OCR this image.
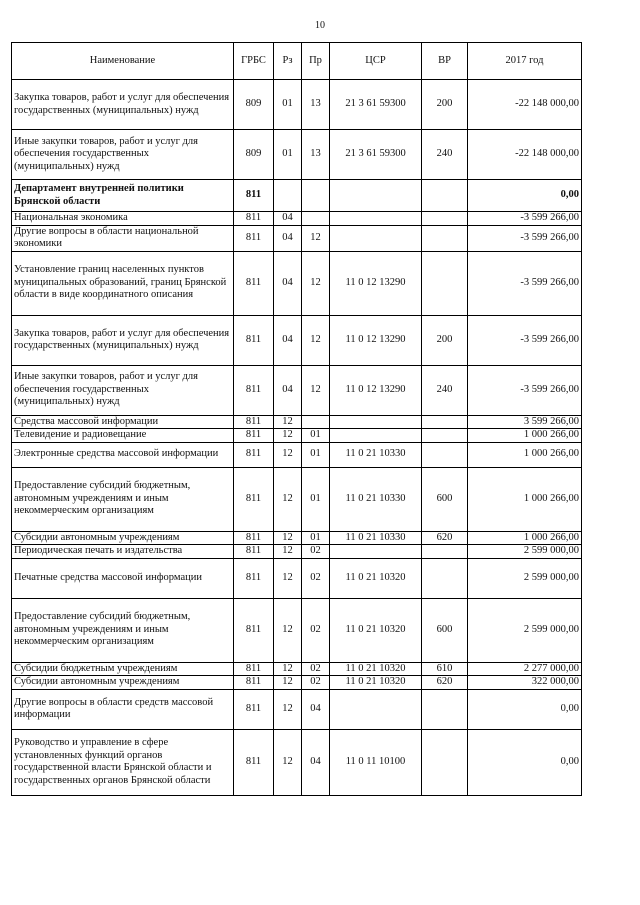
10
Наименование	ГРБС	Рз	Пр	ЦСР	ВР	2017 год
Закупка товаров, работ и услуг для обеспечения государственных (муниципальных) нужд	809	01	13	21 3 61 59300	200	-22 148 000,00
Иные закупки товаров, работ и услуг для обеспечения государственных (муниципальных) нужд	809	01	13	21 3 61 59300	240	-22 148 000,00
Департамент внутренней политики Брянской области	811					0,00
Национальная экономика	811	04				-3 599 266,00
Другие вопросы в области национальной экономики	811	04	12			-3 599 266,00
Установление границ населенных пунктов муниципальных образований, границ Брянской области в виде координатного описания	811	04	12	11 0 12 13290		-3 599 266,00
Закупка товаров, работ и услуг для обеспечения государственных (муниципальных) нужд	811	04	12	11 0 12 13290	200	-3 599 266,00
Иные закупки товаров, работ и услуг для обеспечения государственных (муниципальных) нужд	811	04	12	11 0 12 13290	240	-3 599 266,00
Средства массовой информации	811	12				3 599 266,00
Телевидение и радиовещание	811	12	01			1 000 266,00
Электронные средства массовой информации	811	12	01	11 0 21 10330		1 000 266,00
Предоставление субсидий бюджетным, автономным учреждениям и иным некоммерческим организациям	811	12	01	11 0 21 10330	600	1 000 266,00
Субсидии автономным учреждениям	811	12	01	11 0 21 10330	620	1 000 266,00
Периодическая печать и издательства	811	12	02			2 599 000,00
Печатные средства массовой информации	811	12	02	11 0 21 10320		2 599 000,00
Предоставление субсидий бюджетным, автономным учреждениям и иным некоммерческим организациям	811	12	02	11 0 21 10320	600	2 599 000,00
Субсидии бюджетным учреждениям	811	12	02	11 0 21 10320	610	2 277 000,00
Субсидии автономным учреждениям	811	12	02	11 0 21 10320	620	322 000,00
Другие вопросы в области средств массовой информации	811	12	04			0,00
Руководство и управление в сфере установленных функций органов государственной власти Брянской области и государственных органов Брянской области	811	12	04	11 0 11 10100		0,00
